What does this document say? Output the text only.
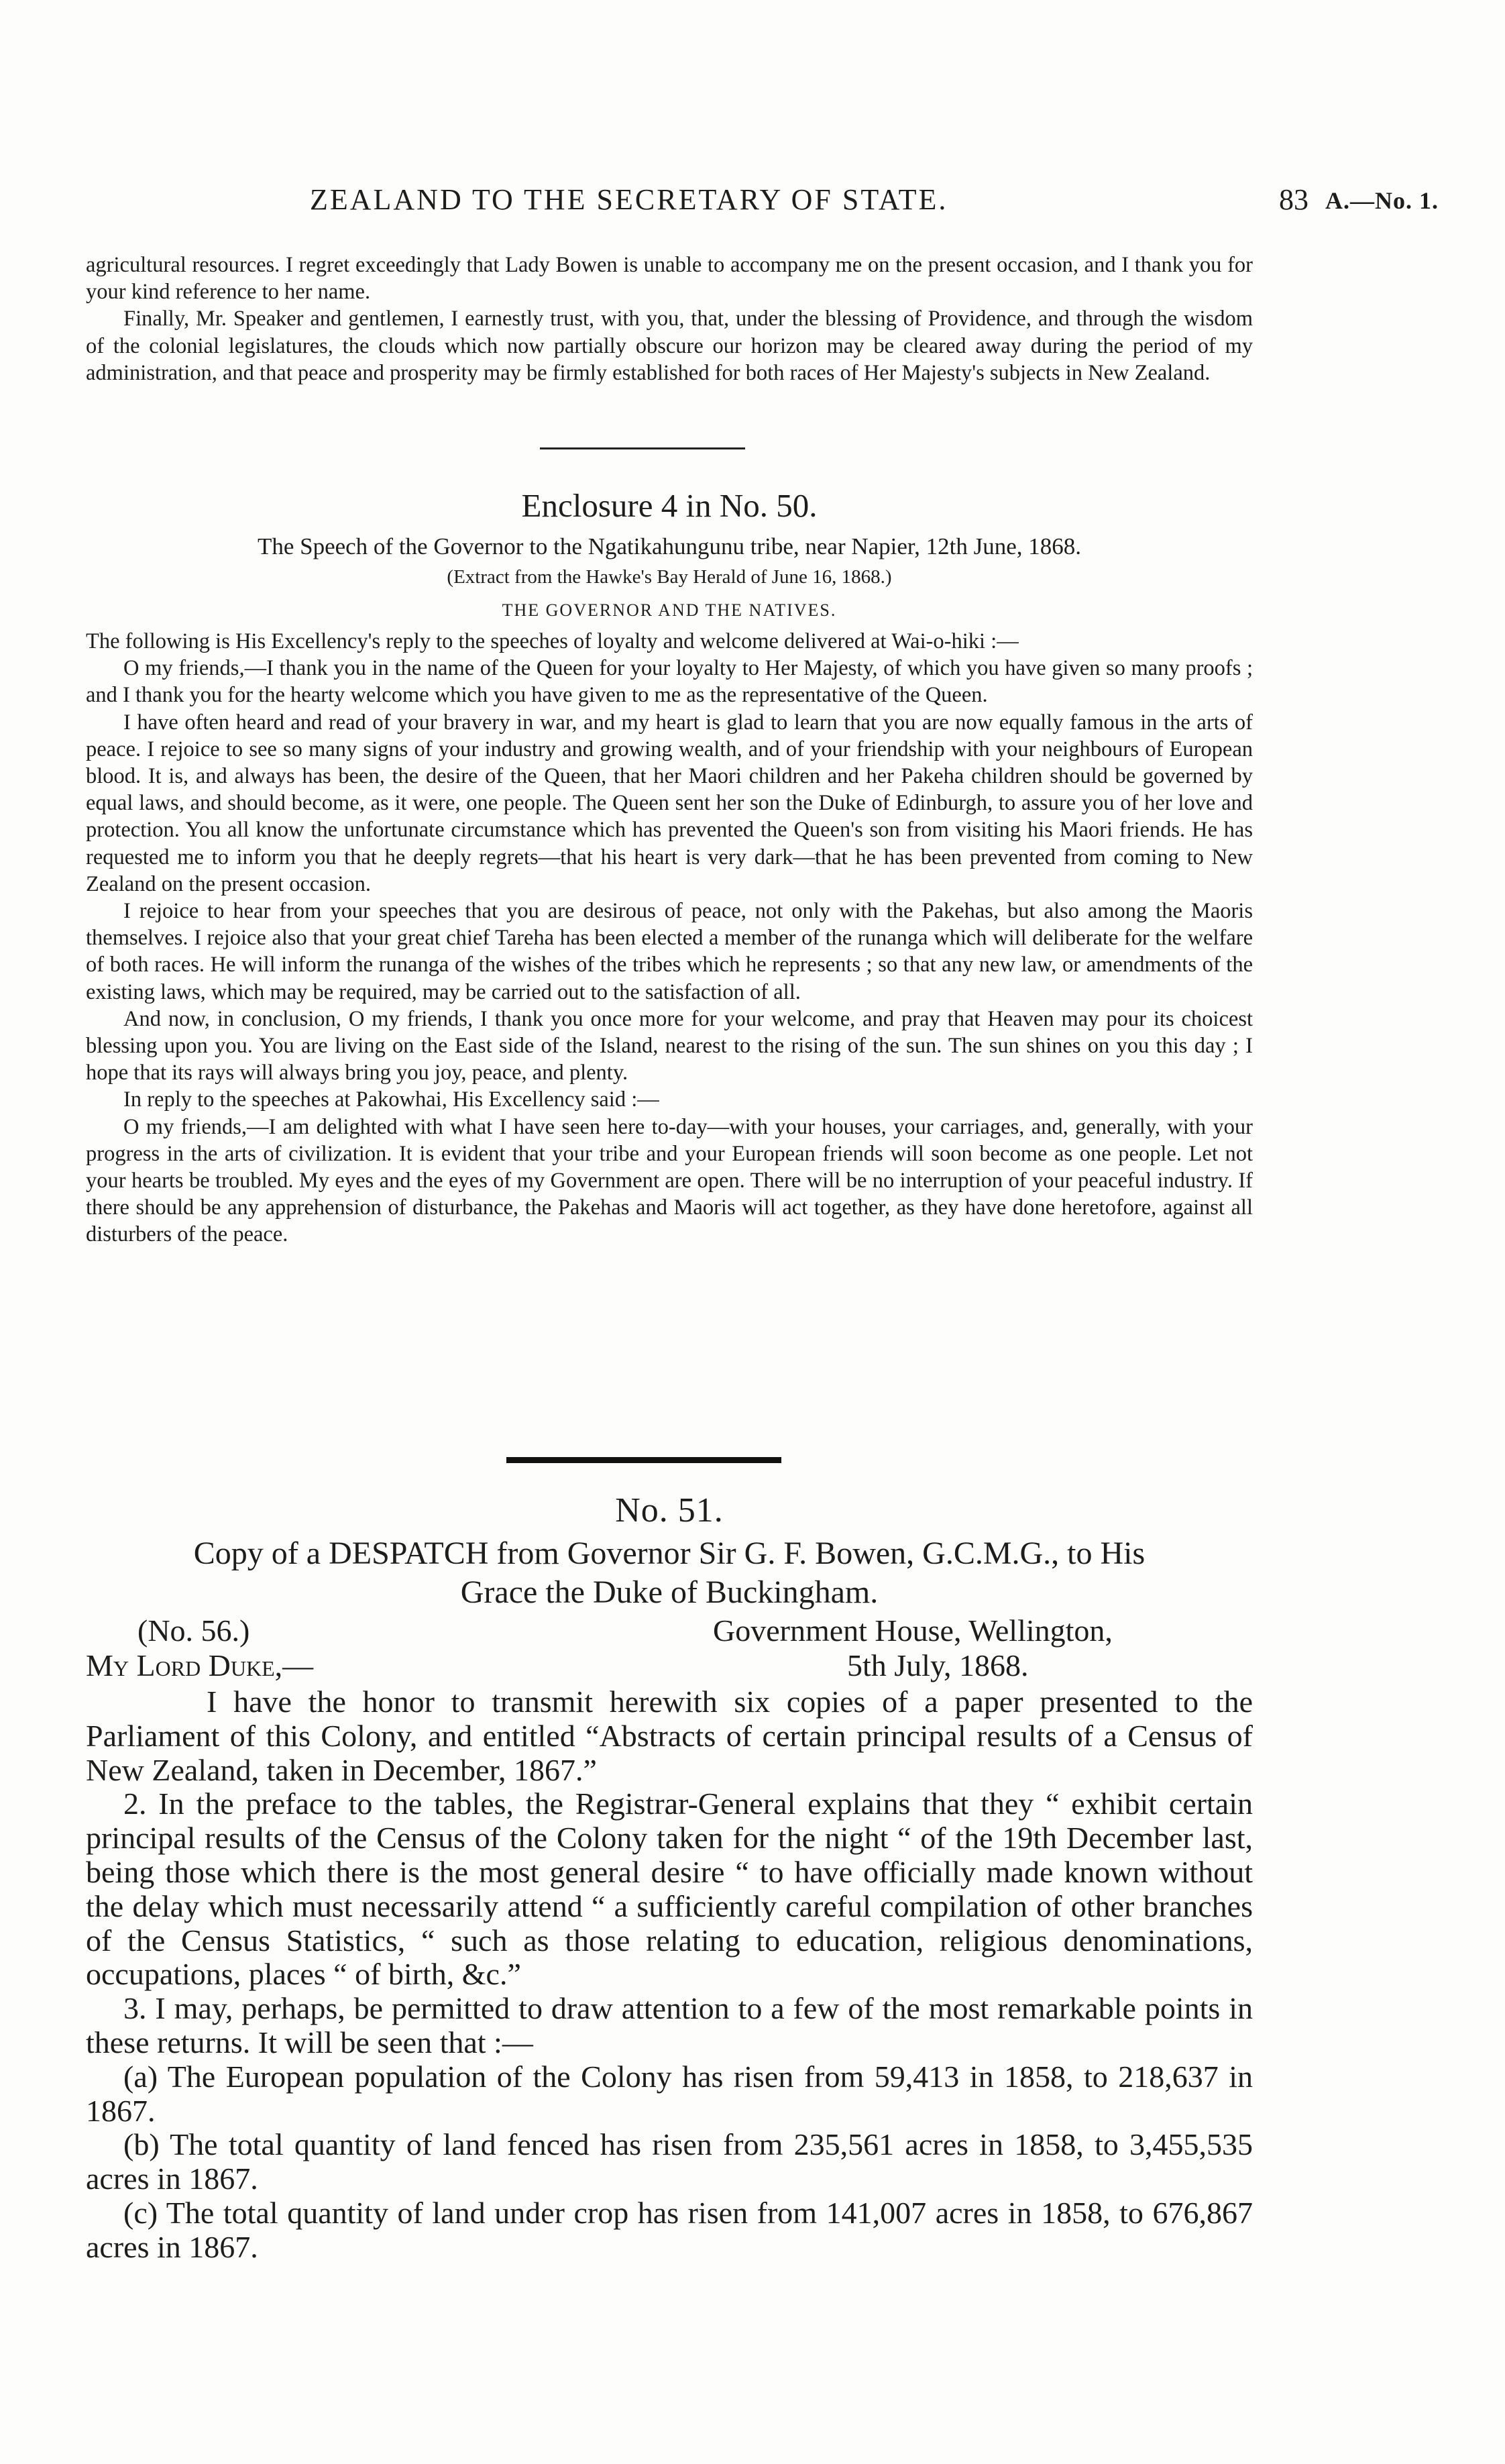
ZEALAND TO THE SECRETARY OF STATE.	83 A.—No. 1.

agricultural resources. I regret exceedingly that Lady Bowen is unable to accompany me on the present occasion, and I thank you for your kind reference to her name.

Finally, Mr. Speaker and gentlemen, I earnestly trust, with you, that, under the blessing of Providence, and through the wisdom of the colonial legislatures, the clouds which now partially obscure our horizon may be cleared away during the period of my administration, and that peace and prosperity may be firmly established for both races of Her Majesty's subjects in New Zealand.

Enclosure 4 in No. 50.
The Speech of the Governor to the Ngatikahungunu tribe, near Napier, 12th June, 1868.
(Extract from the Hawke's Bay Herald of June 16, 1868.)
THE GOVERNOR AND THE NATIVES.

The following is His Excellency's reply to the speeches of loyalty and welcome delivered at Wai-o-hiki :—

O my friends,—I thank you in the name of the Queen for your loyalty to Her Majesty, of which you have given so many proofs ; and I thank you for the hearty welcome which you have given to me as the representative of the Queen.

I have often heard and read of your bravery in war, and my heart is glad to learn that you are now equally famous in the arts of peace. I rejoice to see so many signs of your industry and growing wealth, and of your friendship with your neighbours of European blood. It is, and always has been, the desire of the Queen, that her Maori children and her Pakeha children should be governed by equal laws, and should become, as it were, one people. The Queen sent her son the Duke of Edinburgh, to assure you of her love and protection. You all know the unfortunate circumstance which has prevented the Queen's son from visiting his Maori friends. He has requested me to inform you that he deeply regrets—that his heart is very dark—that he has been prevented from coming to New Zealand on the present occasion.

I rejoice to hear from your speeches that you are desirous of peace, not only with the Pakehas, but also among the Maoris themselves. I rejoice also that your great chief Tareha has been elected a member of the runanga which will deliberate for the welfare of both races. He will inform the runanga of the wishes of the tribes which he represents ; so that any new law, or amendments of the existing laws, which may be required, may be carried out to the satisfaction of all.

And now, in conclusion, O my friends, I thank you once more for your welcome, and pray that Heaven may pour its choicest blessing upon you. You are living on the East side of the Island, nearest to the rising of the sun. The sun shines on you this day ; I hope that its rays will always bring you joy, peace, and plenty.

In reply to the speeches at Pakowhai, His Excellency said :—

O my friends,—I am delighted with what I have seen here to-day—with your houses, your carriages, and, generally, with your progress in the arts of civilization. It is evident that your tribe and your European friends will soon become as one people. Let not your hearts be troubled. My eyes and the eyes of my Government are open. There will be no interruption of your peaceful industry. If there should be any apprehension of disturbance, the Pakehas and Maoris will act together, as they have done heretofore, against all disturbers of the peace.

No. 51.
Copy of a DESPATCH from Governor Sir G. F. Bowen, G.C.M.G., to His
Grace the Duke of Buckingham.
(No. 56.)	Government House, Wellington,
My Lord Duke,—	5th July, 1868.

I have the honor to transmit herewith six copies of a paper presented to the Parliament of this Colony, and entitled “Abstracts of certain principal results of a Census of New Zealand, taken in December, 1867.”

2. In the preface to the tables, the Registrar-General explains that they “ exhibit certain principal results of the Census of the Colony taken for the night “ of the 19th December last, being those which there is the most general desire “ to have officially made known without the delay which must necessarily attend “ a sufficiently careful compilation of other branches of the Census Statistics, “ such as those relating to education, religious denominations, occupations, places “ of birth, &c.”

3. I may, perhaps, be permitted to draw attention to a few of the most remarkable points in these returns. It will be seen that :—

(a) The European population of the Colony has risen from 59,413 in 1858, to 218,637 in 1867.

(b) The total quantity of land fenced has risen from 235,561 acres in 1858, to 3,455,535 acres in 1867.

(c) The total quantity of land under crop has risen from 141,007 acres in 1858, to 676,867 acres in 1867.
